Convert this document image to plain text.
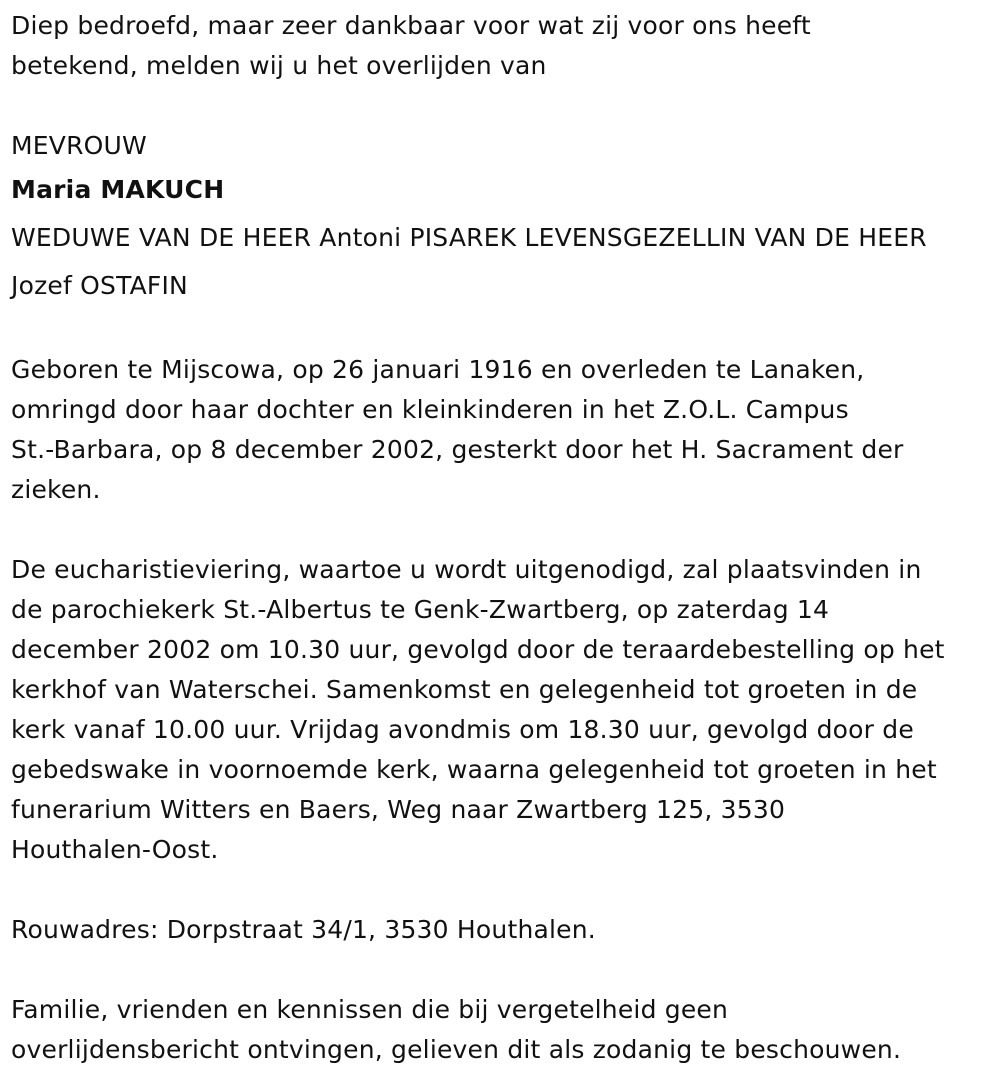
Diep bedroefd, maar zeer dankbaar voor wat zij voor ons heeft

betekend, melden wij u het overlijden van

MEVROUW

Maria MAKUCH

WEDUWE VAN DE HEER Antoni PISAREK LEVENSGEZELLIN VAN DE HEER

Jozef OSTAFIN

Geboren te Mijscowa, op 26 januari 1916 en overleden te Lanaken,

omringd door haar dochter en kleinkinderen in het Z.O.L. Campus

St.-Barbara, op 8 december 2002, gesterkt door het H. Sacrament der

zieken.

De eucharistieviering, waartoe u wordt uitgenodigd, zal plaatsvinden in

de parochiekerk St.-Albertus te Genk-Zwartberg, op zaterdag 14

december 2002 om 10.30 uur, gevolgd door de teraardebestelling op het

kerkhof van Waterschei. Samenkomst en gelegenheid tot groeten in de

kerk vanaf 10.00 uur. Vrijdag avondmis om 18.30 uur, gevolgd door de

gebedswake in voornoemde kerk, waarna gelegenheid tot groeten in het

funerarium Witters en Baers, Weg naar Zwartberg 125, 3530

Houthalen-Oost.

Rouwadres: Dorpstraat 34/1, 3530 Houthalen.

Familie, vrienden en kennissen die bij vergetelheid geen

overlijdensbericht ontvingen, gelieven dit als zodanig te beschouwen.
